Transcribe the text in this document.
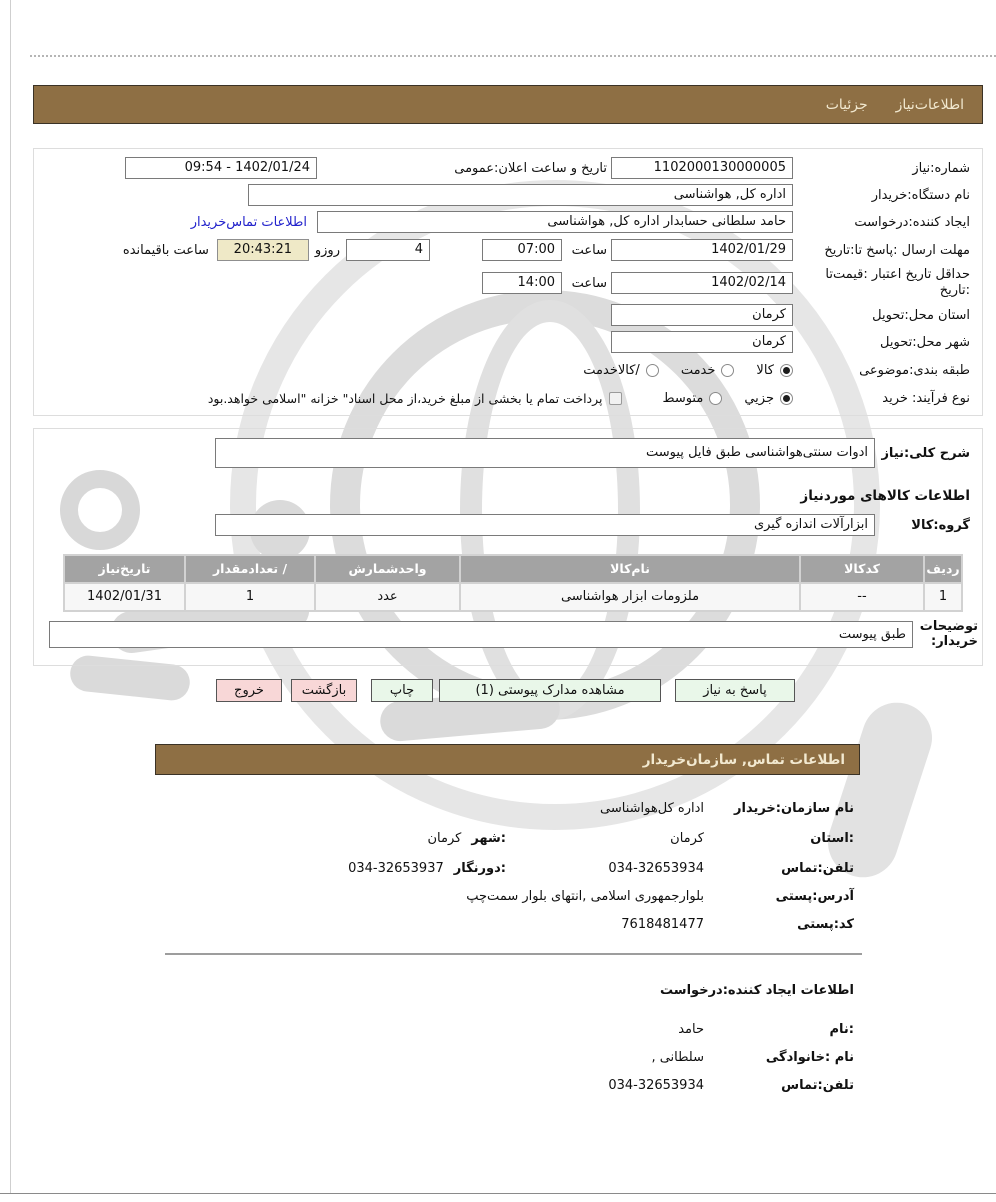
اطلاعات‌نیاز
جزئیات
شماره:نیاز
1102000130000005
تاریخ و ساعت اعلان:عمومی
1402/01/24 - 09:54
نام دستگاه:خریدار
اداره کل, هواشناسی
ایجاد کننده:درخواست
حامد سلطانی حسابدار اداره کل, هواشناسی
اطلاعات تماس‌خریدار
مهلت ارسال :پاسخ تا:تاریخ
1402/01/29
ساعت
07:00
4
روزو
20:43:21
ساعت باقیمانده
حداقل تاریخ اعتبار :قیمت‌تا
:تاریخ
1402/02/14
ساعت
14:00
استان محل:تحویل
کرمان
شهر محل:تحویل
کرمان
طبقه بندی:موضوعی
کالا
خدمت
/کالاخدمت
نوع فرآیند: خرید
جزیي
متوسط
پرداخت تمام یا بخشی از مبلغ خرید،از محل اسناد" خزانه "اسلامی خواهد.بود
شرح کلی:نیاز
ادوات سنتی‌هواشناسی طبق فایل پیوست
اطلاعات کالاهای موردنیاز
گروه:کالا
ابزارآلات اندازه گیری
ردیف
کدکالا
نام‌کالا
واحدشمارش
/ تعدادمقدار
تاریخ‌نیاز
1
--
ملزومات ابزار هواشناسی
عدد
1
1402/01/31
توضیحات
:خریدار
طبق پیوست
پاسخ به نیاز
مشاهده مدارک پیوستی (1)
چاپ
بازگشت
خروج
اطلاعات تماس, سازمان‌خریدار
نام سازمان:خریدار
اداره کل‌هواشناسی
:استان
کرمان
:شهر
کرمان
تلفن:تماس
034-32653934
:دورنگار
034-32653937
آدرس:پستی
بلوارجمهوری اسلامی ,انتهای بلوار سمت‌چپ
کد:پستی
7618481477
اطلاعات ایجاد کننده:درخواست
:نام
حامد
نام :خانوادگی
سلطانی ,
تلفن:تماس
034-32653934
